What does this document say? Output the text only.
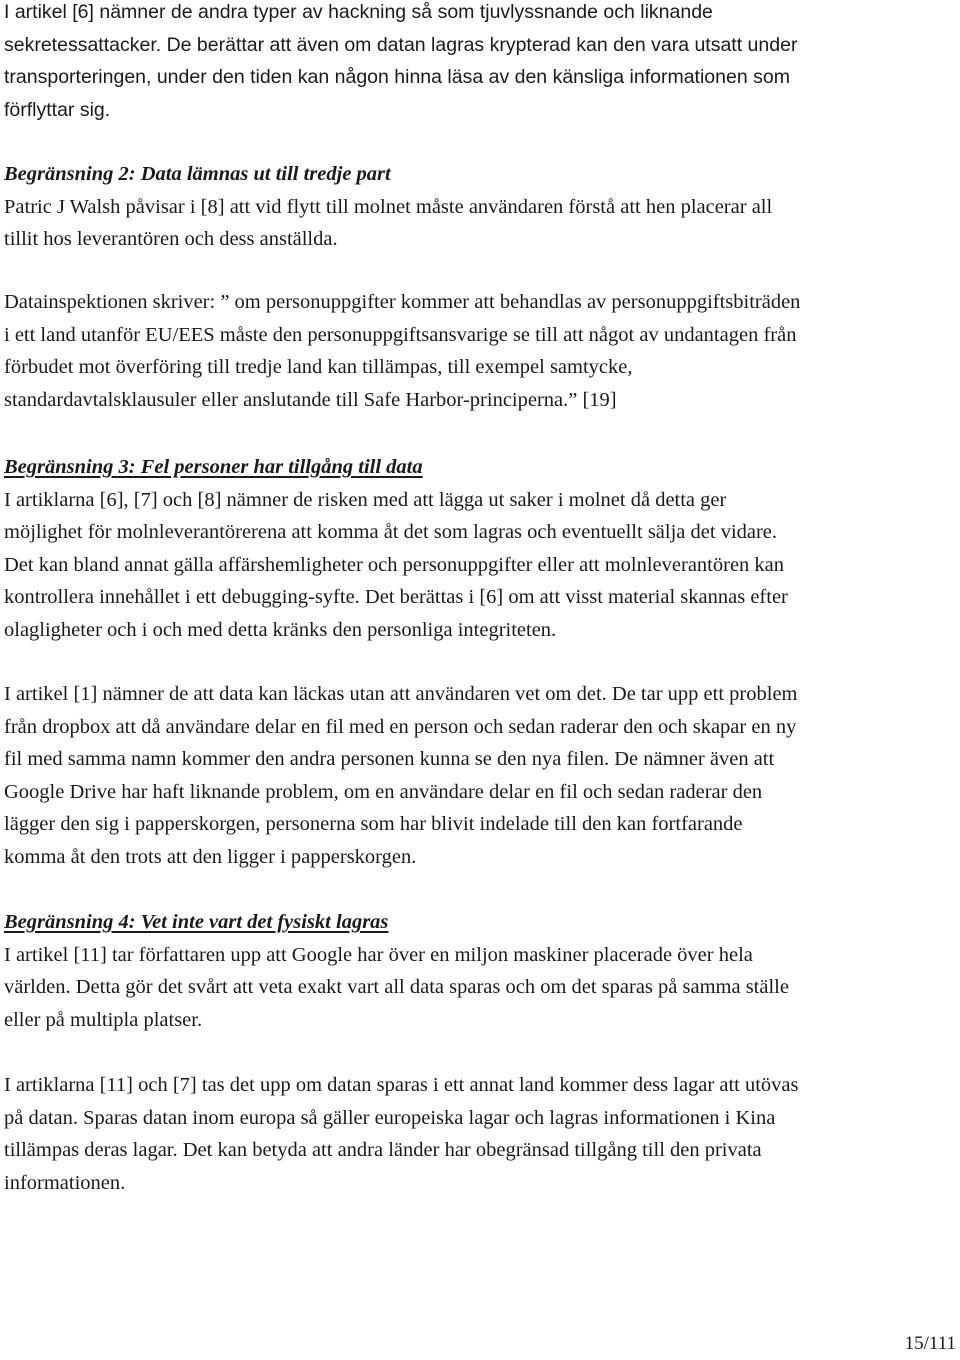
I artikel [6] nämner de andra typer av hackning så som tjuvlyssnande och liknande
sekretessattacker. De berättar att även om datan lagras krypterad kan den vara utsatt under
transporteringen, under den tiden kan någon hinna läsa av den känsliga informationen som
förflyttar sig.
Begränsning 2: Data lämnas ut till tredje part
Patric J Walsh påvisar i [8] att vid flytt till molnet måste användaren förstå att hen placerar all
tillit hos leverantören och dess anställda.
Datainspektionen skriver: ” om personuppgifter kommer att behandlas av personuppgiftsbiträden
i ett land utanför EU/EES måste den personuppgiftsansvarige se till att något av undantagen från
förbudet mot överföring till tredje land kan tillämpas, till exempel samtycke,
standardavtalsklausuler eller anslutande till Safe Harbor-principerna.” [19]
Begränsning 3: Fel personer har tillgång till data
I artiklarna [6], [7] och [8] nämner de risken med att lägga ut saker i molnet då detta ger
möjlighet för molnleverantörerena att komma åt det som lagras och eventuellt sälja det vidare.
Det kan bland annat gälla affärshemligheter och personuppgifter eller att molnleverantören kan
kontrollera innehållet i ett debugging-syfte. Det berättas i [6] om att visst material skannas efter
olagligheter och i och med detta kränks den personliga integriteten.
I artikel [1] nämner de att data kan läckas utan att användaren vet om det. De tar upp ett problem
från dropbox att då användare delar en fil med en person och sedan raderar den och skapar en ny
fil med samma namn kommer den andra personen kunna se den nya filen. De nämner även att
Google Drive har haft liknande problem, om en användare delar en fil och sedan raderar den
lägger den sig i papperskorgen, personerna som har blivit indelade till den kan fortfarande
komma åt den trots att den ligger i papperskorgen.
Begränsning 4: Vet inte vart det fysiskt lagras
I artikel [11] tar författaren upp att Google har över en miljon maskiner placerade över hela
världen. Detta gör det svårt att veta exakt vart all data sparas och om det sparas på samma ställe
eller på multipla platser.
I artiklarna [11] och [7] tas det upp om datan sparas i ett annat land kommer dess lagar att utövas
på datan. Sparas datan inom europa så gäller europeiska lagar och lagras informationen i Kina
tillämpas deras lagar. Det kan betyda att andra länder har obegränsad tillgång till den privata
informationen.
15/111
